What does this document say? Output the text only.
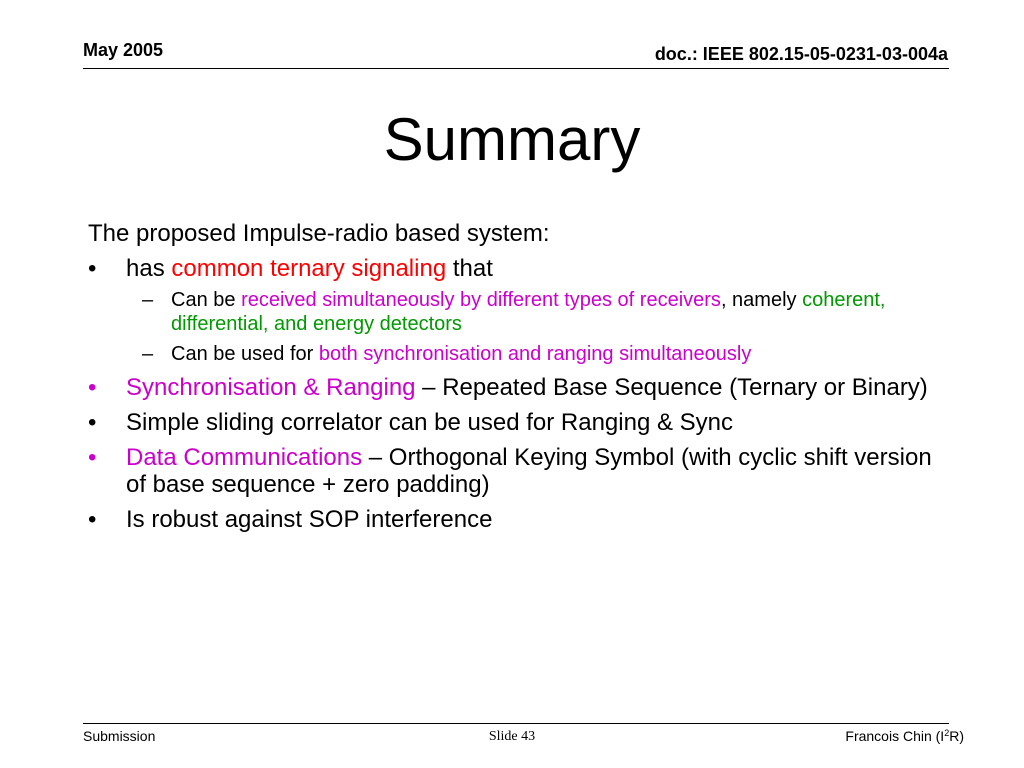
May 2005	doc.: IEEE 802.15-05-0231-03-004a
Summary
The proposed Impulse-radio based system:
• has common ternary signaling that
– Can be received simultaneously by different types of receivers, namely coherent, differential, and energy detectors
– Can be used for both synchronisation and ranging simultaneously
• Synchronisation & Ranging – Repeated Base Sequence (Ternary or Binary)
• Simple sliding correlator can be used for Ranging & Sync
• Data Communications – Orthogonal Keying Symbol (with cyclic shift version of base sequence + zero padding)
• Is robust against SOP interference
Submission	Slide 43	Francois Chin $(I^2R)$
